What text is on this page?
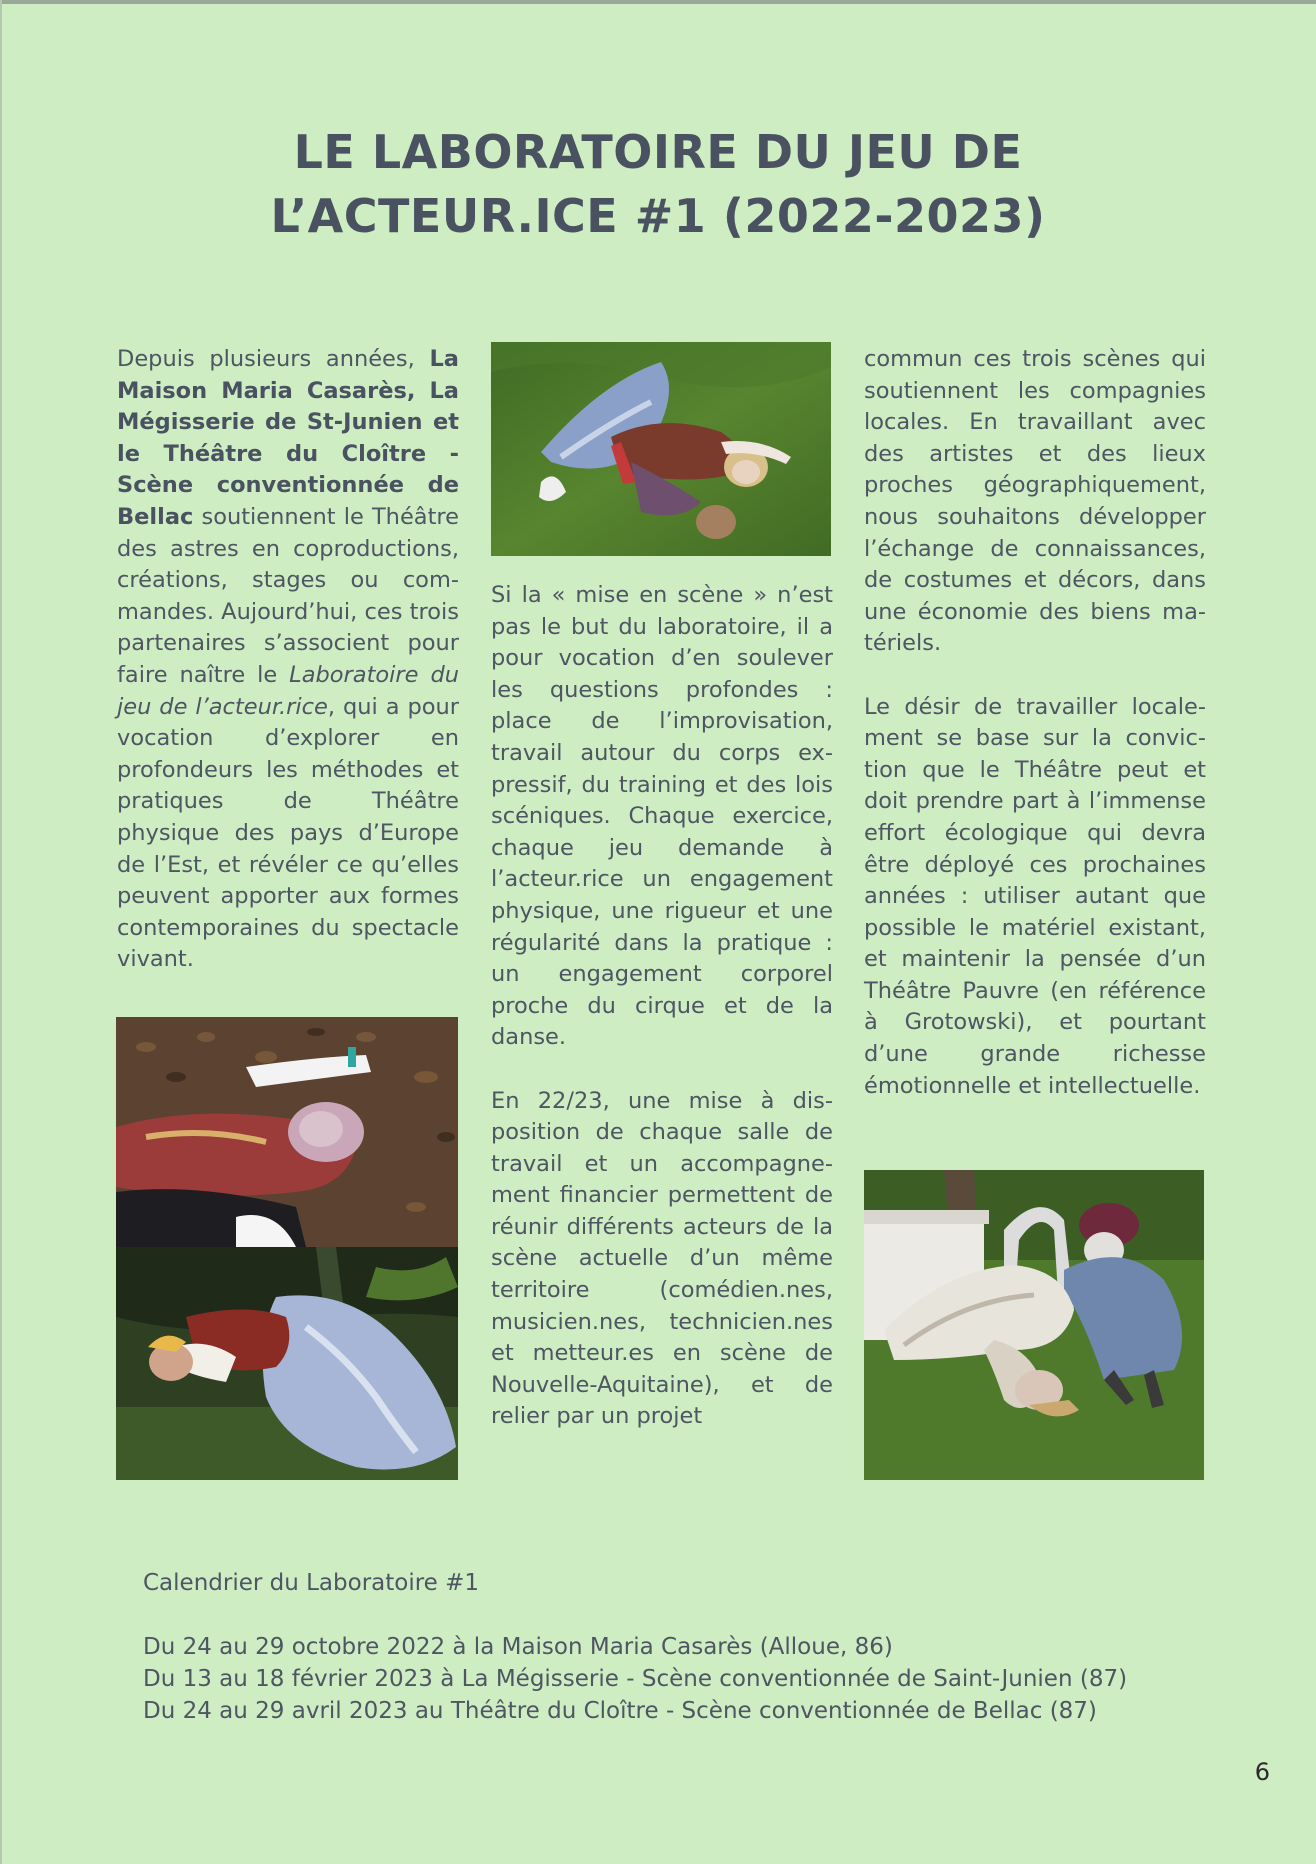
LE LABORATOIRE DU JEU DE
L’ACTEUR.ICE #1 (2022-2023)

Depuis plusieurs années, La Maison Maria Casarès, La Mégisserie de St-Junien et le Théâtre du Cloître - Scène conventionnée de Bellac soutiennent le Théâtre des astres en coproductions, créations, stages ou commandes. Aujourd’hui, ces trois partenaires s’associent pour faire naître le Laboratoire du jeu de l’acteur.rice, qui a pour vocation d’explorer en profondeurs les méthodes et pratiques de Théâtre physique des pays d’Europe de l’Est, et révéler ce qu’elles peuvent apporter aux formes contemporaines du spectacle vivant.

Si la « mise en scène » n’est pas le but du laboratoire, il a pour vocation d’en soulever les questions profondes : place de l’improvisation, travail autour du corps expressif, du training et des lois scéniques. Chaque exercice, chaque jeu demande à l’acteur.rice un engagement physique, une rigueur et une régularité dans la pratique : un engagement corporel proche du cirque et de la danse.

En 22/23, une mise à disposition de chaque salle de travail et un accompagnement financier permettent de réunir différents acteurs de la scène actuelle d’un même territoire (comédien.nes, musicien.nes, technicien.nes et metteur.es en scène de Nouvelle-Aquitaine), et de relier par un projet

commun ces trois scènes qui soutiennent les compagnies locales. En travaillant avec des artistes et des lieux proches géographiquement, nous souhaitons développer l’échange de connaissances, de costumes et décors, dans une économie des biens matériels.

Le désir de travailler localement se base sur la conviction que le Théâtre peut et doit prendre part à l’immense effort écologique qui devra être déployé ces prochaines années : utiliser autant que possible le matériel existant, et maintenir la pensée d’un Théâtre Pauvre (en référence à Grotowski), et pourtant d’une grande richesse émotionnelle et intellectuelle.

Calendrier du Laboratoire #1

Du 24 au 29 octobre 2022 à la Maison Maria Casarès (Alloue, 86)

Du 13 au 18 février 2023 à La Mégisserie - Scène conventionnée de Saint-Junien (87)

Du 24 au 29 avril 2023 au Théâtre du Cloître - Scène conventionnée de Bellac (87)

6
